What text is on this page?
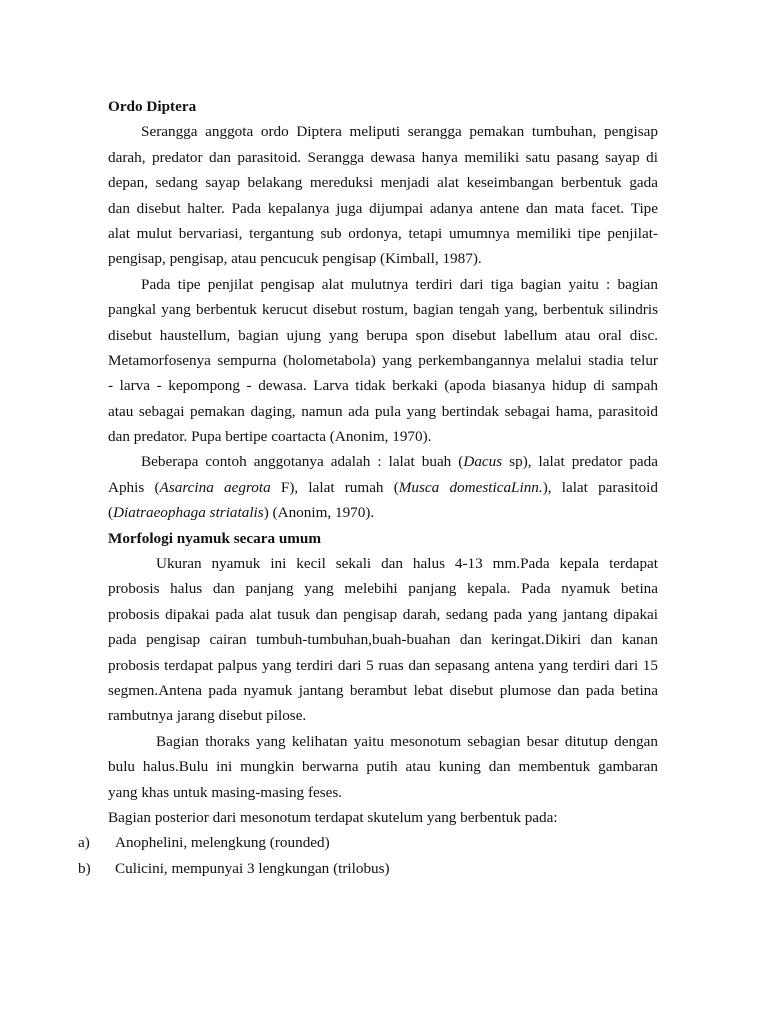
Ordo Diptera
Serangga anggota ordo Diptera meliputi serangga pemakan tumbuhan, pengisap
darah, predator dan parasitoid. Serangga dewasa hanya memiliki satu pasang sayap di
depan, sedang sayap belakang mereduksi menjadi alat keseimbangan berbentuk gada
dan disebut halter. Pada kepalanya juga dijumpai adanya antene dan mata facet. Tipe
alat mulut bervariasi, tergantung sub ordonya, tetapi umumnya memiliki tipe penjilat-
pengisap, pengisap, atau pencucuk pengisap (Kimball, 1987).
Pada tipe penjilat pengisap alat mulutnya terdiri dari tiga bagian yaitu : bagian
pangkal yang berbentuk kerucut disebut rostum, bagian tengah yang, berbentuk silindris
disebut haustellum, bagian ujung yang berupa spon disebut labellum atau oral disc.
Metamorfosenya sempurna (holometabola) yang perkembangannya melalui stadia telur
- larva - kepompong - dewasa. Larva tidak berkaki (apoda biasanya hidup di sampah
atau sebagai pemakan daging, namun ada pula yang bertindak sebagai hama, parasitoid
dan predator. Pupa bertipe coartacta (Anonim, 1970).
Beberapa contoh anggotanya adalah : lalat buah (Dacus sp), lalat predator pada
Aphis (Asarcina aegrota F), lalat rumah (Musca domesticaLinn.), lalat parasitoid
(Diatraeophaga striatalis) (Anonim, 1970).
Morfologi nyamuk secara umum
Ukuran nyamuk ini kecil sekali dan halus 4-13 mm.Pada kepala terdapat
probosis halus dan panjang yang melebihi panjang kepala. Pada nyamuk betina
probosis dipakai pada alat tusuk dan pengisap darah, sedang pada yang jantang dipakai
pada pengisap cairan tumbuh-tumbuhan,buah-buahan dan keringat.Dikiri dan kanan
probosis terdapat palpus yang terdiri dari 5 ruas dan sepasang antena yang terdiri dari 15
segmen.Antena pada nyamuk jantang berambut lebat disebut plumose dan pada betina
rambutnya jarang disebut pilose.
Bagian thoraks yang kelihatan yaitu mesonotum sebagian besar ditutup dengan
bulu halus.Bulu ini mungkin berwarna putih atau kuning dan membentuk gambaran
yang khas untuk masing-masing feses.
Bagian posterior dari mesonotum terdapat skutelum yang berbentuk pada:
a) Anophelini, melengkung (rounded)
b) Culicini, mempunyai 3 lengkungan (trilobus)
